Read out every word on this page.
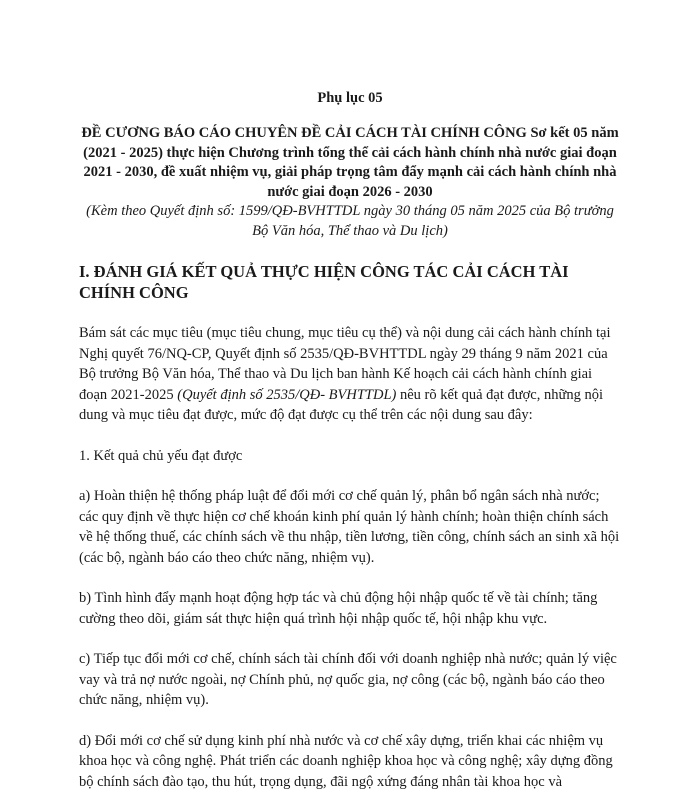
Phụ lục 05

ĐỀ CƯƠNG BÁO CÁO CHUYÊN ĐỀ CẢI CÁCH TÀI CHÍNH CÔNG Sơ kết 05 năm (2021 - 2025) thực hiện Chương trình tổng thể cải cách hành chính nhà nước giai đoạn 2021 - 2030, đề xuất nhiệm vụ, giải pháp trọng tâm đẩy mạnh cải cách hành chính nhà nước giai đoạn 2026 - 2030

(Kèm theo Quyết định số: 1599/QĐ-BVHTTDL ngày 30 tháng 05 năm 2025 của Bộ trưởng Bộ Văn hóa, Thể thao và Du lịch)

I. ĐÁNH GIÁ KẾT QUẢ THỰC HIỆN CÔNG TÁC CẢI CÁCH TÀI CHÍNH CÔNG

Bám sát các mục tiêu (mục tiêu chung, mục tiêu cụ thể) và nội dung cải cách hành chính tại Nghị quyết 76/NQ-CP, Quyết định số 2535/QĐ-BVHTTDL ngày 29 tháng 9 năm 2021 của Bộ trưởng Bộ Văn hóa, Thể thao và Du lịch ban hành Kế hoạch cải cách hành chính giai đoạn 2021-2025 (Quyết định số 2535/QĐ- BVHTTDL) nêu rõ kết quả đạt được, những nội dung và mục tiêu đạt được, mức độ đạt được cụ thể trên các nội dung sau đây:

1. Kết quả chủ yếu đạt được

a) Hoàn thiện hệ thống pháp luật để đổi mới cơ chế quản lý, phân bổ ngân sách nhà nước; các quy định về thực hiện cơ chế khoán kinh phí quản lý hành chính; hoàn thiện chính sách về hệ thống thuế, các chính sách về thu nhập, tiền lương, tiền công, chính sách an sinh xã hội (các bộ, ngành báo cáo theo chức năng, nhiệm vụ).

b) Tình hình đẩy mạnh hoạt động hợp tác và chủ động hội nhập quốc tế về tài chính; tăng cường theo dõi, giám sát thực hiện quá trình hội nhập quốc tế, hội nhập khu vực.

c) Tiếp tục đổi mới cơ chế, chính sách tài chính đối với doanh nghiệp nhà nước; quản lý việc vay và trả nợ nước ngoài, nợ Chính phủ, nợ quốc gia, nợ công (các bộ, ngành báo cáo theo chức năng, nhiệm vụ).

d) Đổi mới cơ chế sử dụng kinh phí nhà nước và cơ chế xây dựng, triển khai các nhiệm vụ khoa học và công nghệ. Phát triển các doanh nghiệp khoa học và công nghệ; xây dựng đồng bộ chính sách đào tạo, thu hút, trọng dụng, đãi ngộ xứng đáng nhân tài khoa học và
